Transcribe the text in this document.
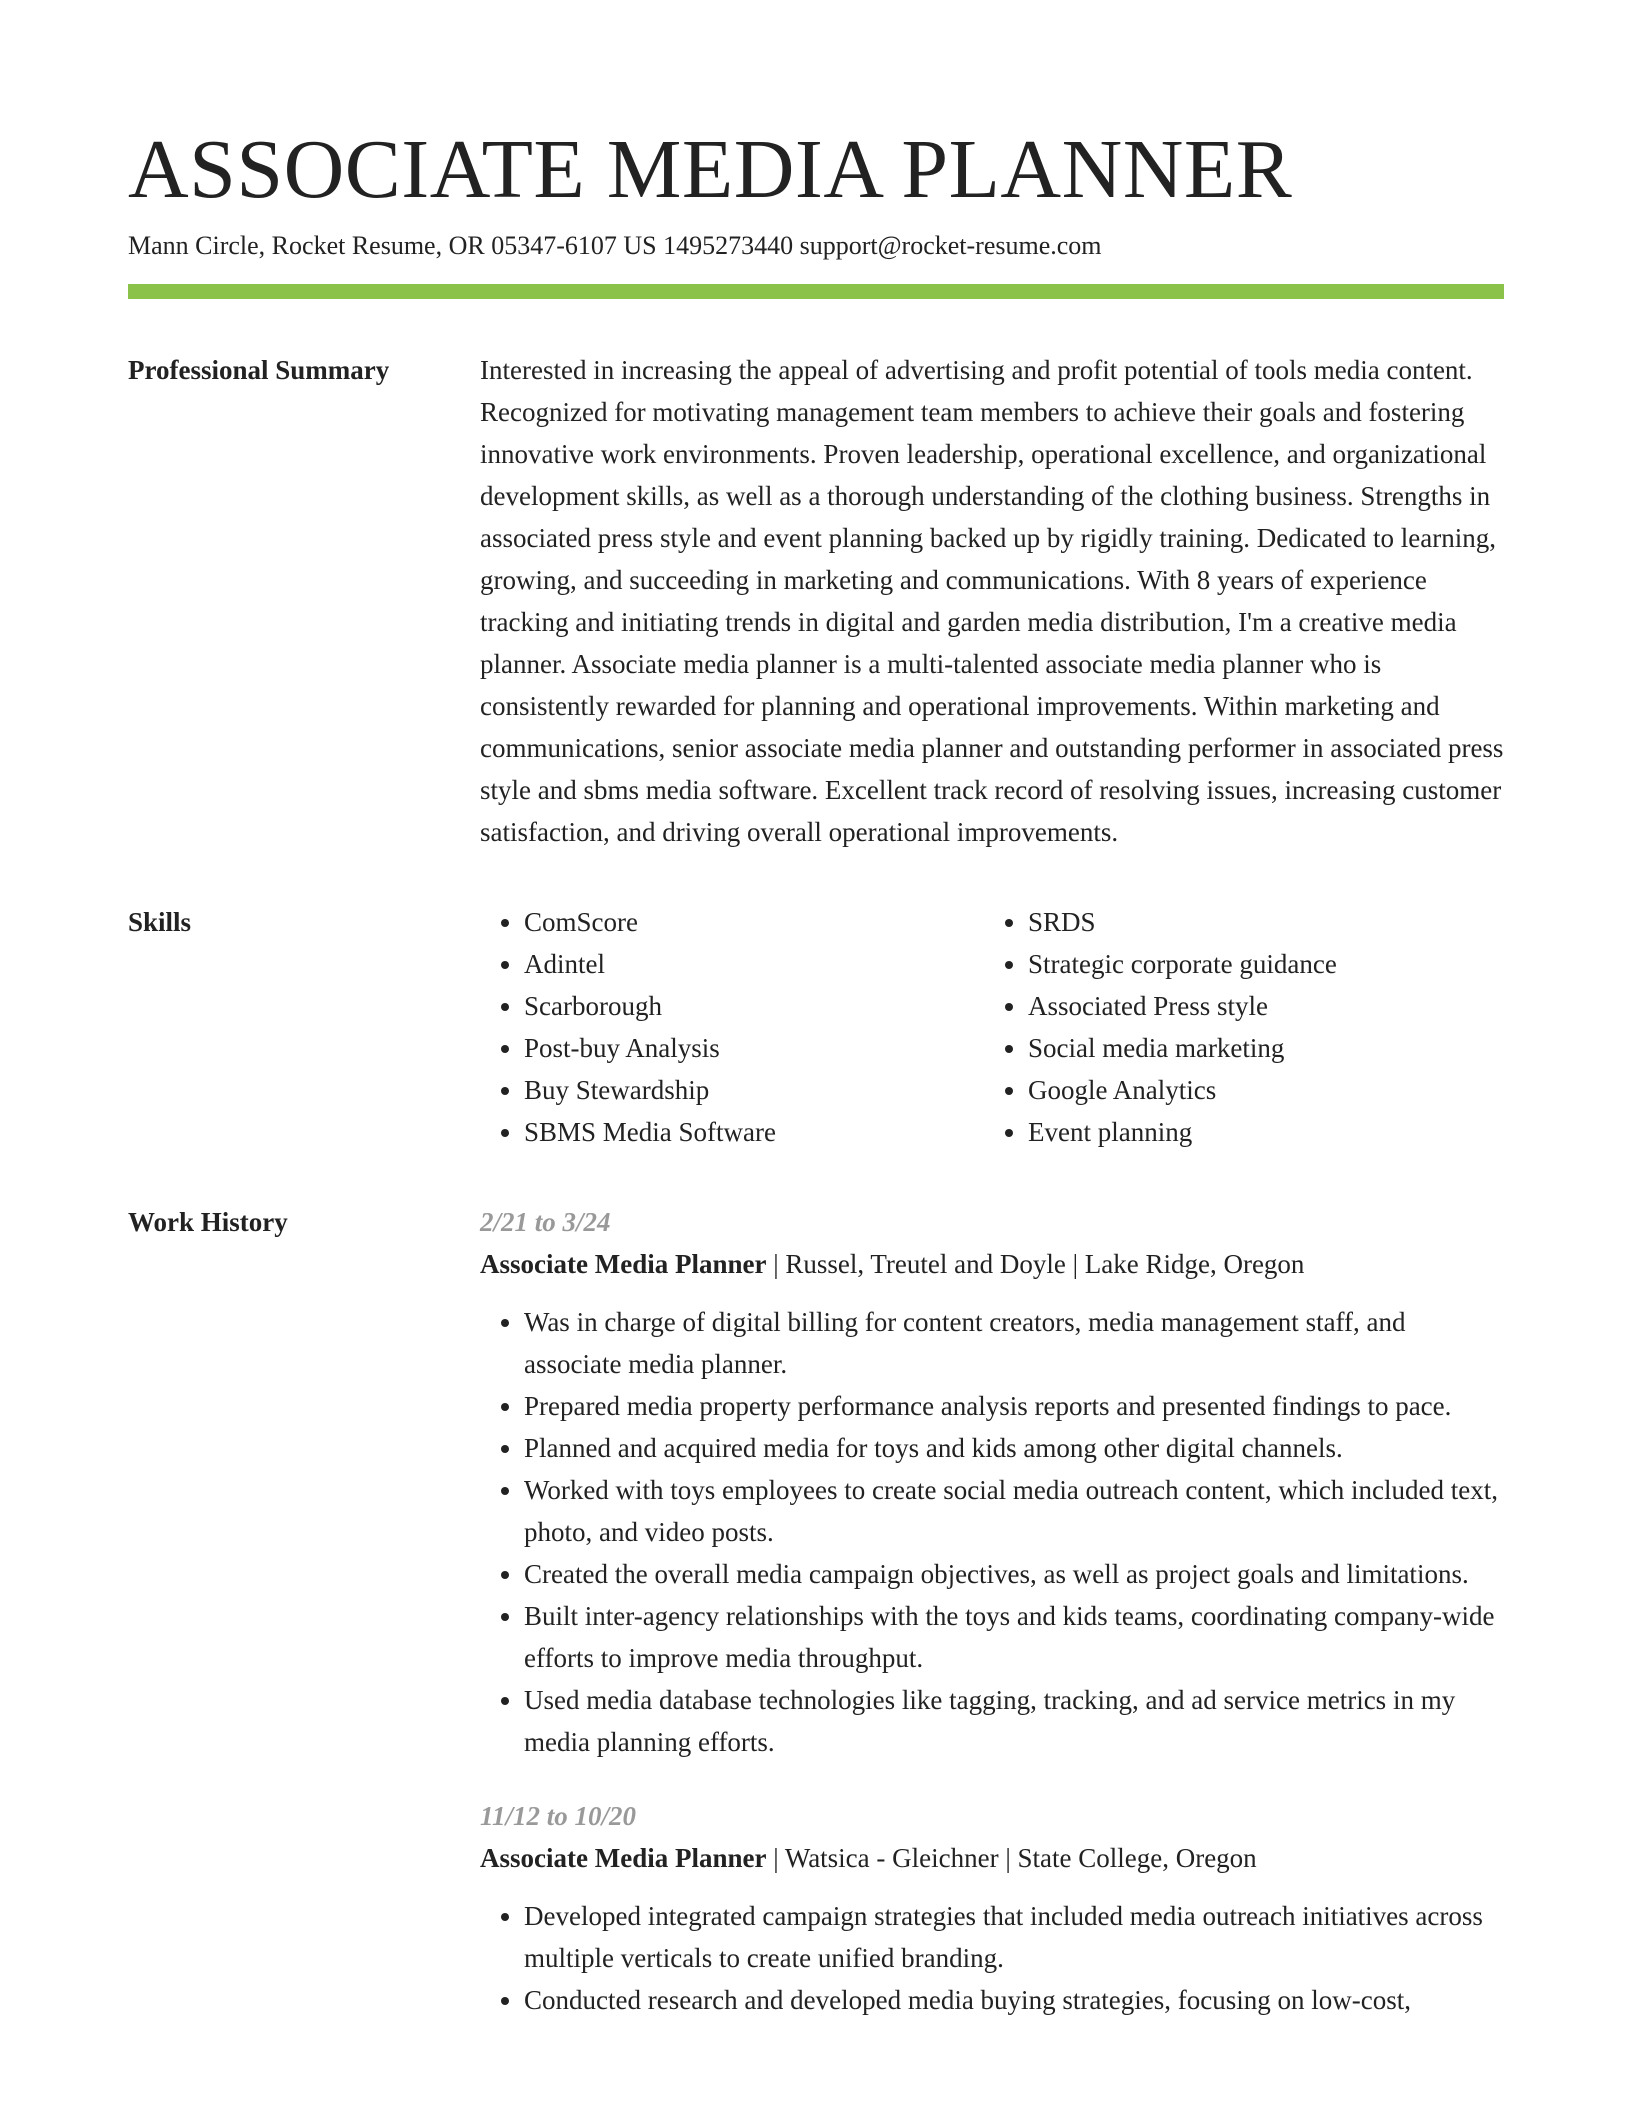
ASSOCIATE MEDIA PLANNER
Mann Circle, Rocket Resume, OR 05347-6107 US 1495273440 support@rocket-resume.com
Professional Summary	Interested in increasing the appeal of advertising and profit potential of tools media content. Recognized for motivating management team members to achieve their goals and fostering innovative work environments. Proven leadership, operational excellence, and organizational development skills, as well as a thorough understanding of the clothing business. Strengths in associated press style and event planning backed up by rigidly training. Dedicated to learning, growing, and succeeding in marketing and communications. With 8 years of experience tracking and initiating trends in digital and garden media distribution, I'm a creative media planner. Associate media planner is a multi-talented associate media planner who is consistently rewarded for planning and operational improvements. Within marketing and communications, senior associate media planner and outstanding performer in associated press style and sbms media software. Excellent track record of resolving issues, increasing customer satisfaction, and driving overall operational improvements.

Skills
•	ComScore
• Adintel
• Scarborough
• Post-buy Analysis
• Buy Stewardship
• SBMS Media Software
• SRDS
• Strategic corporate guidance
• Associated Press style
• Social media marketing
• Google Analytics
• Event planning
Work History	2/21 to 3/24
Associate Media Planner | Russel, Treutel and Doyle | Lake Ridge, Oregon
• Was in charge of digital billing for content creators, media management staff, and associate media planner.
• Prepared media property performance analysis reports and presented findings to pace.
• Planned and acquired media for toys and kids among other digital channels.
• Worked with toys employees to create social media outreach content, which included text, photo, and video posts.
• Created the overall media campaign objectives, as well as project goals and limitations.
• Built inter-agency relationships with the toys and kids teams, coordinating company-wide efforts to improve media throughput.
• Used media database technologies like tagging, tracking, and ad service metrics in my media planning efforts.
11/12 to 10/20
Associate Media Planner | Watsica - Gleichner | State College, Oregon
• Developed integrated campaign strategies that included media outreach initiatives across multiple verticals to create unified branding.
• Conducted research and developed media buying strategies, focusing on low-cost,
